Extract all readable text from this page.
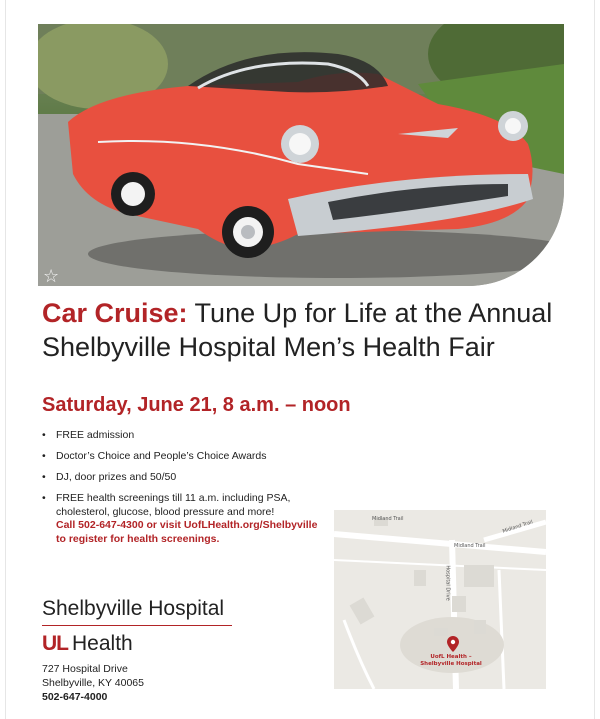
☆
Car Cruise: Tune Up for Life at the Annual
Shelbyville Hospital Men’s Health Fair
Saturday, June 21, 8 a.m. – noon
• FREE admission
• Doctor’s Choice and People’s Choice Awards
• DJ, door prizes and 50/50
• FREE health screenings till 11 a.m. including PSA, cholesterol, glucose, blood pressure and more!
Call 502-647-4300 or visit UofLHealth.org/Shelbyville
to register for health screenings.
Shelbyville Hospital
UL Health
727 Hospital Drive
Shelbyville, KY 40065
502-647-4000
Midland Trail
Midland Trail
Hospital Drive
Midland Trail
UofL Health –
Shelbyville Hospital
